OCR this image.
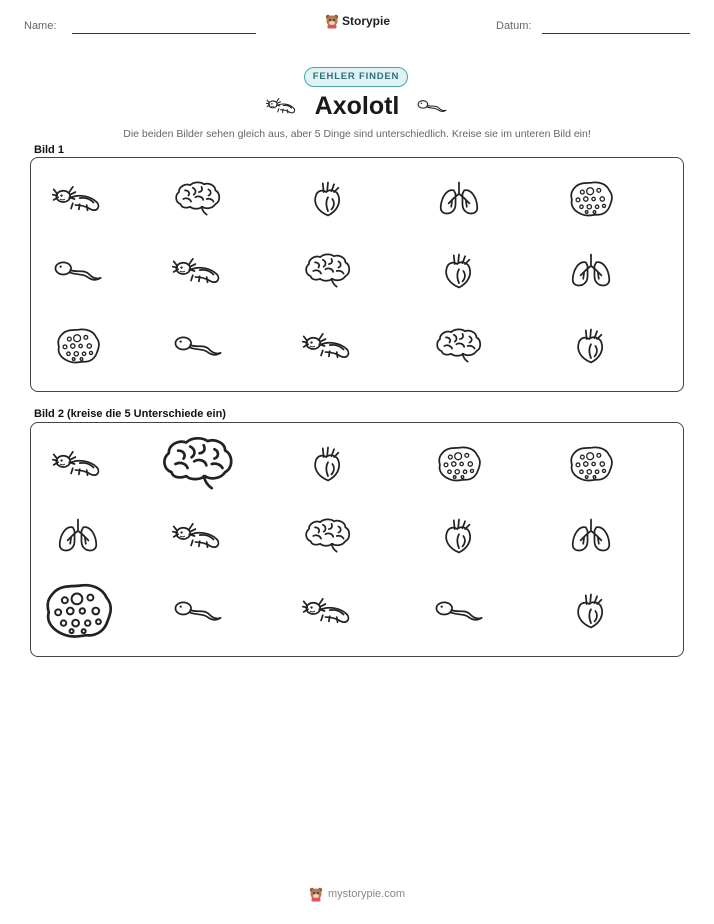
Name:	Storypie	Datum:
FEHLER FINDEN
Axolotl
Die beiden Bilder sehen gleich aus, aber 5 Dinge sind unterschiedlich. Kreise sie im unteren Bild ein!
Bild 1
Bild 2 (kreise die 5 Unterschiede ein)
mystorypie.com
